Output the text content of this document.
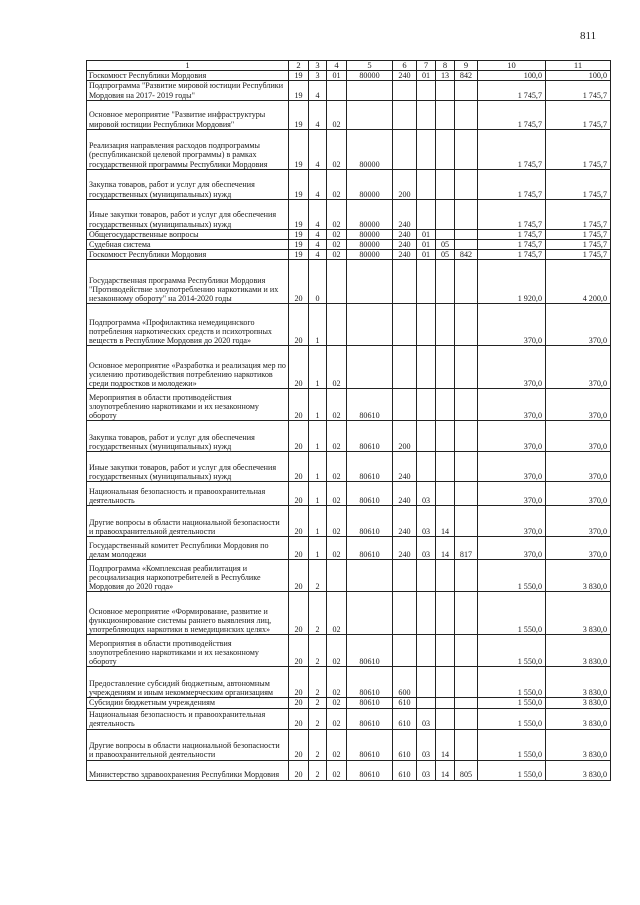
811
1	2	3	4	5	6	7	8	9	10	11
Госкомюст Республики Мордовия	19	3	01	80000	240	01	13	842	100,0	100,0
Подпрограмма "Развитие мировой юстиции Республики Мордовия на 2017- 2019 годы"	19	4							1 745,7	1 745,7
Основное мероприятие "Развитие инфраструктуры мировой юстиции Республики Мордовия"	19	4	02						1 745,7	1 745,7
Реализация направления расходов подпрограммы (республиканской целевой программы) в рамках государственной программы Республики Мордовия	19	4	02	80000					1 745,7	1 745,7
Закупка товаров, работ и услуг для обеспечения государственных (муниципальных) нужд	19	4	02	80000	200				1 745,7	1 745,7
Иные закупки товаров, работ и услуг для обеспечения государственных (муниципальных) нужд	19	4	02	80000	240				1 745,7	1 745,7
Общегосударственные вопросы	19	4	02	80000	240	01			1 745,7	1 745,7
Судебная система	19	4	02	80000	240	01	05		1 745,7	1 745,7
Госкомюст Республики Мордовия	19	4	02	80000	240	01	05	842	1 745,7	1 745,7
Государственная программа Республики Мордовия "Противодействие злоупотреблению наркотиками и их незаконному обороту" на 2014-2020 годы	20	0							1 920,0	4 200,0
Подпрограмма «Профилактика немедицинского потребления наркотических средств и психотропных веществ в Республике Мордовия до 2020 года»	20	1							370,0	370,0
Основное мероприятие «Разработка и реализация мер по усилению противодействия потреблению наркотиков среди подростков и молодежи»	20	1	02						370,0	370,0
Мероприятия в области противодействия злоупотреблению наркотиками и их незаконному обороту	20	1	02	80610					370,0	370,0
Закупка товаров, работ и услуг для обеспечения государственных (муниципальных) нужд	20	1	02	80610	200				370,0	370,0
Иные закупки товаров, работ и услуг для обеспечения государственных (муниципальных) нужд	20	1	02	80610	240				370,0	370,0
Национальная безопасность и правоохранительная деятельность	20	1	02	80610	240	03			370,0	370,0
Другие вопросы в области национальной безопасности и правоохранительной деятельности	20	1	02	80610	240	03	14		370,0	370,0
Государственный комитет Республики Мордовия по делам молодежи	20	1	02	80610	240	03	14	817	370,0	370,0
Подпрограмма «Комплексная реабилитация и ресоциализация наркопотребителей в Республике Мордовия до 2020 года»	20	2							1 550,0	3 830,0
Основное мероприятие «Формирование, развитие и функционирование системы раннего выявления лиц, употребляющих наркотики в немедицинских целях»	20	2	02						1 550,0	3 830,0
Мероприятия в области противодействия злоупотреблению наркотиками и их незаконному обороту	20	2	02	80610					1 550,0	3 830,0
Предоставление субсидий бюджетным, автономным учреждениям и иным некоммерческим организациям	20	2	02	80610	600				1 550,0	3 830,0
Субсидии бюджетным учреждениям	20	2	02	80610	610				1 550,0	3 830,0
Национальная безопасность и правоохранительная деятельность	20	2	02	80610	610	03			1 550,0	3 830,0
Другие вопросы в области национальной безопасности и правоохранительной деятельности	20	2	02	80610	610	03	14		1 550,0	3 830,0
Министерство здравоохранения Республики Мордовия	20	2	02	80610	610	03	14	805	1 550,0	3 830,0
